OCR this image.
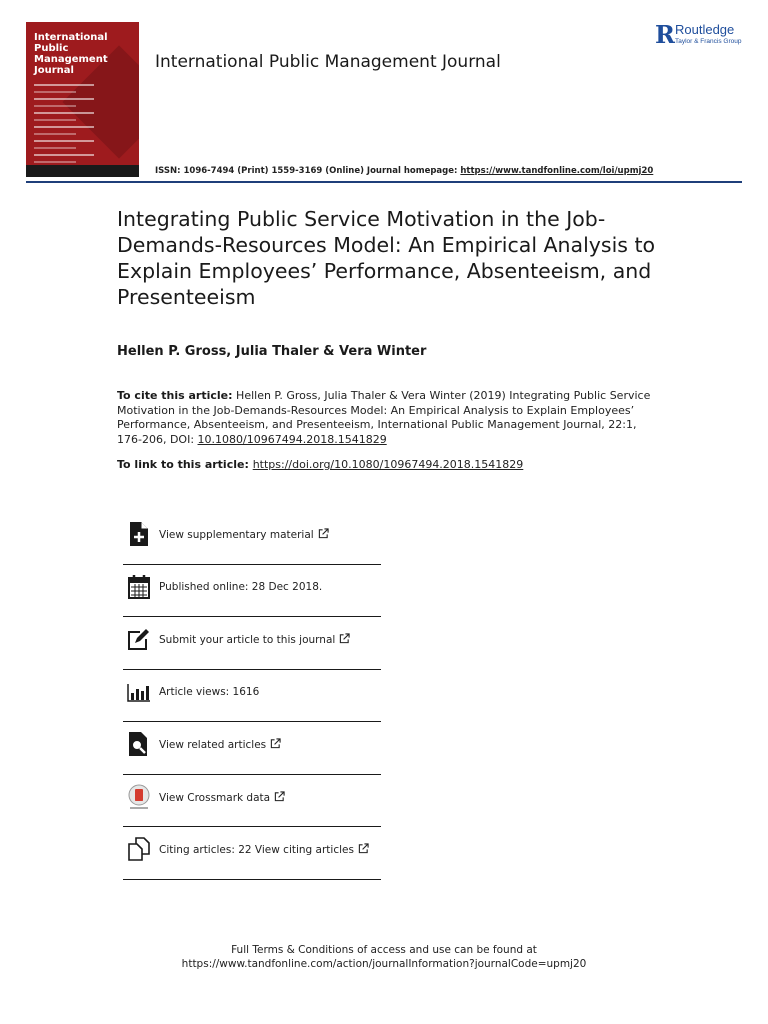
International
Public
Management
Journal	International Public Management Journal
R Routledge
Taylor & Francis Group
ISSN: 1096-7494 (Print) 1559-3169 (Online) Journal homepage: https://www.tandfonline.com/loi/upmj20
Integrating Public Service Motivation in the Job-Demands-Resources Model: An Empirical Analysis to Explain Employees’ Performance, Absenteeism, and Presenteeism
Hellen P. Gross, Julia Thaler & Vera Winter
To cite this article: Hellen P. Gross, Julia Thaler & Vera Winter (2019) Integrating Public Service Motivation in the Job-Demands-Resources Model: An Empirical Analysis to Explain Employees’ Performance, Absenteeism, and Presenteeism, International Public Management Journal, 22:1, 176-206, DOI: 10.1080/10967494.2018.1541829
To link to this article: https://doi.org/10.1080/10967494.2018.1541829
View supplementary material
Published online: 28 Dec 2018.
Submit your article to this journal
Article views: 1616
View related articles
View Crossmark data
Citing articles: 22 View citing articles
Full Terms & Conditions of access and use can be found at
https://www.tandfonline.com/action/journalInformation?journalCode=upmj20
